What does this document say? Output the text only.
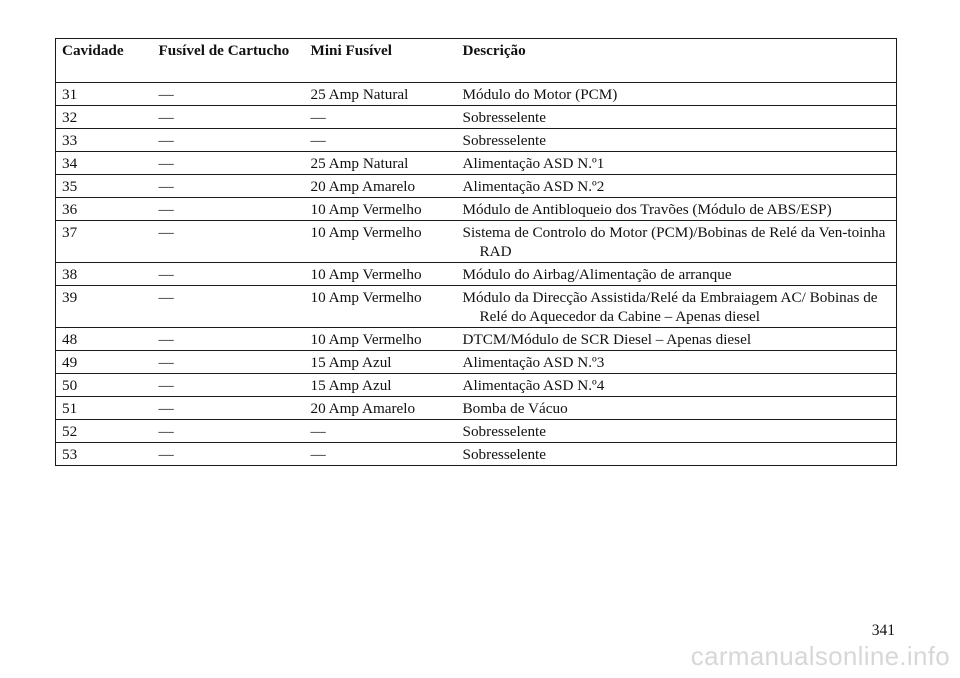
Cavidade	Fusível de Cartucho	Mini Fusível	Descrição
31	—	25 Amp Natural	Módulo do Motor (PCM)
32	—	—	Sobresselente
33	—	—	Sobresselente
34	—	25 Amp Natural	Alimentação ASD N.º1
35	—	20 Amp Amarelo	Alimentação ASD N.º2
36	—	10 Amp Vermelho	Módulo de Antibloqueio dos Travões (Módulo de ABS/ESP)
37	—	10 Amp Vermelho	Sistema de Controlo do Motor (PCM)/Bobinas de Relé da Ven-toinha RAD
38	—	10 Amp Vermelho	Módulo do Airbag/Alimentação de arranque
39	—	10 Amp Vermelho	Módulo da Direcção Assistida/Relé da Embraiagem AC/ Bobinas de Relé do Aquecedor da Cabine – Apenas diesel
48	—	10 Amp Vermelho	DTCM/Módulo de SCR Diesel – Apenas diesel
49	—	15 Amp Azul	Alimentação ASD N.º3
50	—	15 Amp Azul	Alimentação ASD N.º4
51	—	20 Amp Amarelo	Bomba de Vácuo
52	—	—	Sobresselente
53	—	—	Sobresselente
341
carmanualsonline.info
